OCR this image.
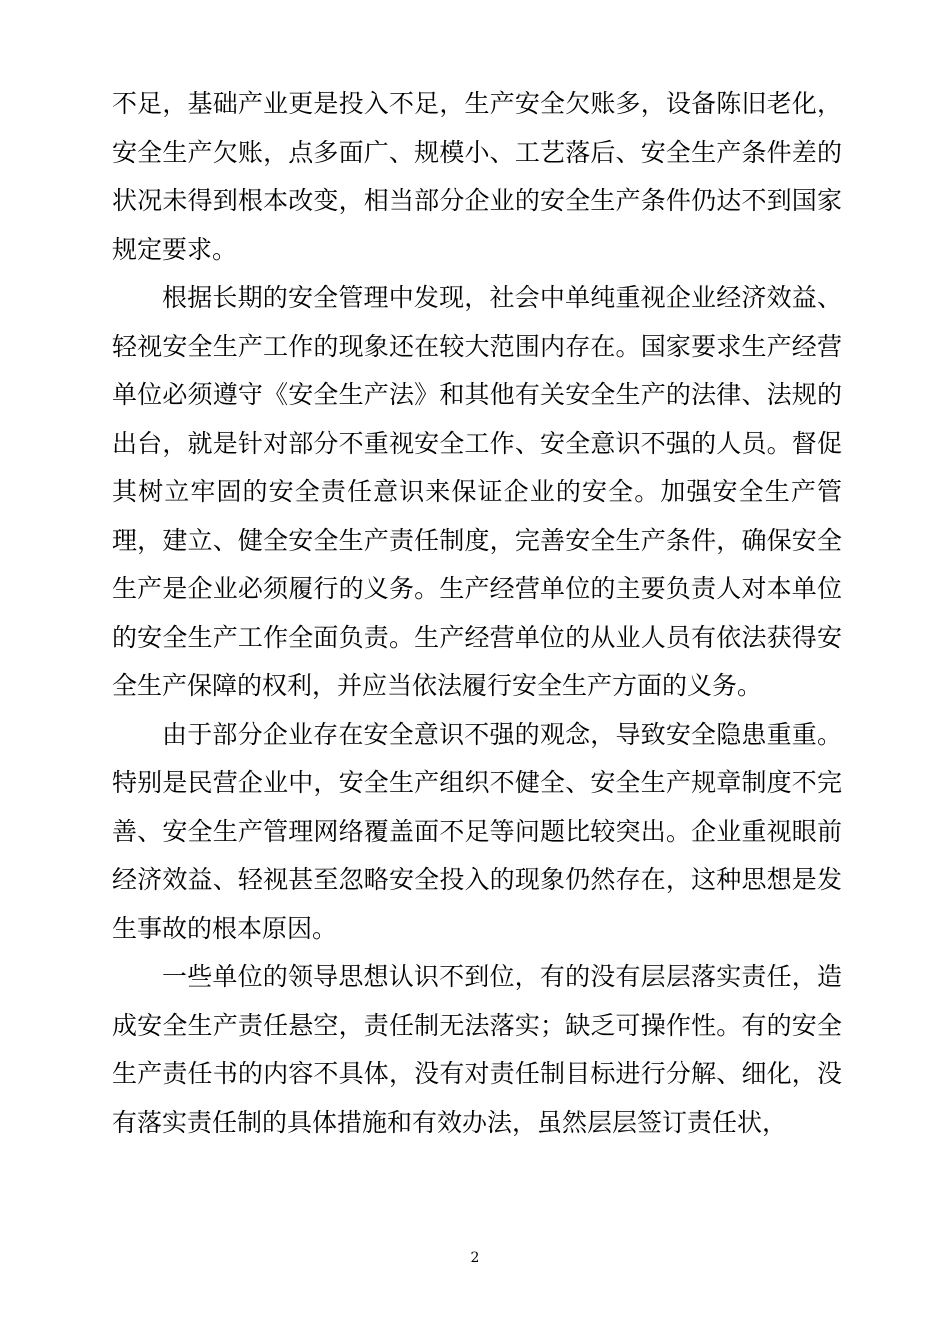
不足，基础产业更是投入不足，生产安全欠账多，设备陈旧老化，安全生产欠账，点多面广、规模小、工艺落后、安全生产条件差的状况未得到根本改变，相当部分企业的安全生产条件仍达不到国家规定要求。

根据长期的安全管理中发现，社会中单纯重视企业经济效益、轻视安全生产工作的现象还在较大范围内存在。国家要求生产经营单位必须遵守《安全生产法》和其他有关安全生产的法律、法规的出台，就是针对部分不重视安全工作、安全意识不强的人员。督促其树立牢固的安全责任意识来保证企业的安全。加强安全生产管理，建立、健全安全生产责任制度，完善安全生产条件，确保安全生产是企业必须履行的义务。生产经营单位的主要负责人对本单位的安全生产工作全面负责。生产经营单位的从业人员有依法获得安全生产保障的权利，并应当依法履行安全生产方面的义务。

由于部分企业存在安全意识不强的观念，导致安全隐患重重。特别是民营企业中，安全生产组织不健全、安全生产规章制度不完善、安全生产管理网络覆盖面不足等问题比较突出。企业重视眼前经济效益、轻视甚至忽略安全投入的现象仍然存在，这种思想是发生事故的根本原因。

一些单位的领导思想认识不到位，有的没有层层落实责任，造成安全生产责任悬空，责任制无法落实；缺乏可操作性。有的安全生产责任书的内容不具体，没有对责任制目标进行分解、细化，没有落实责任制的具体措施和有效办法，虽然层层签订责任状，

2
